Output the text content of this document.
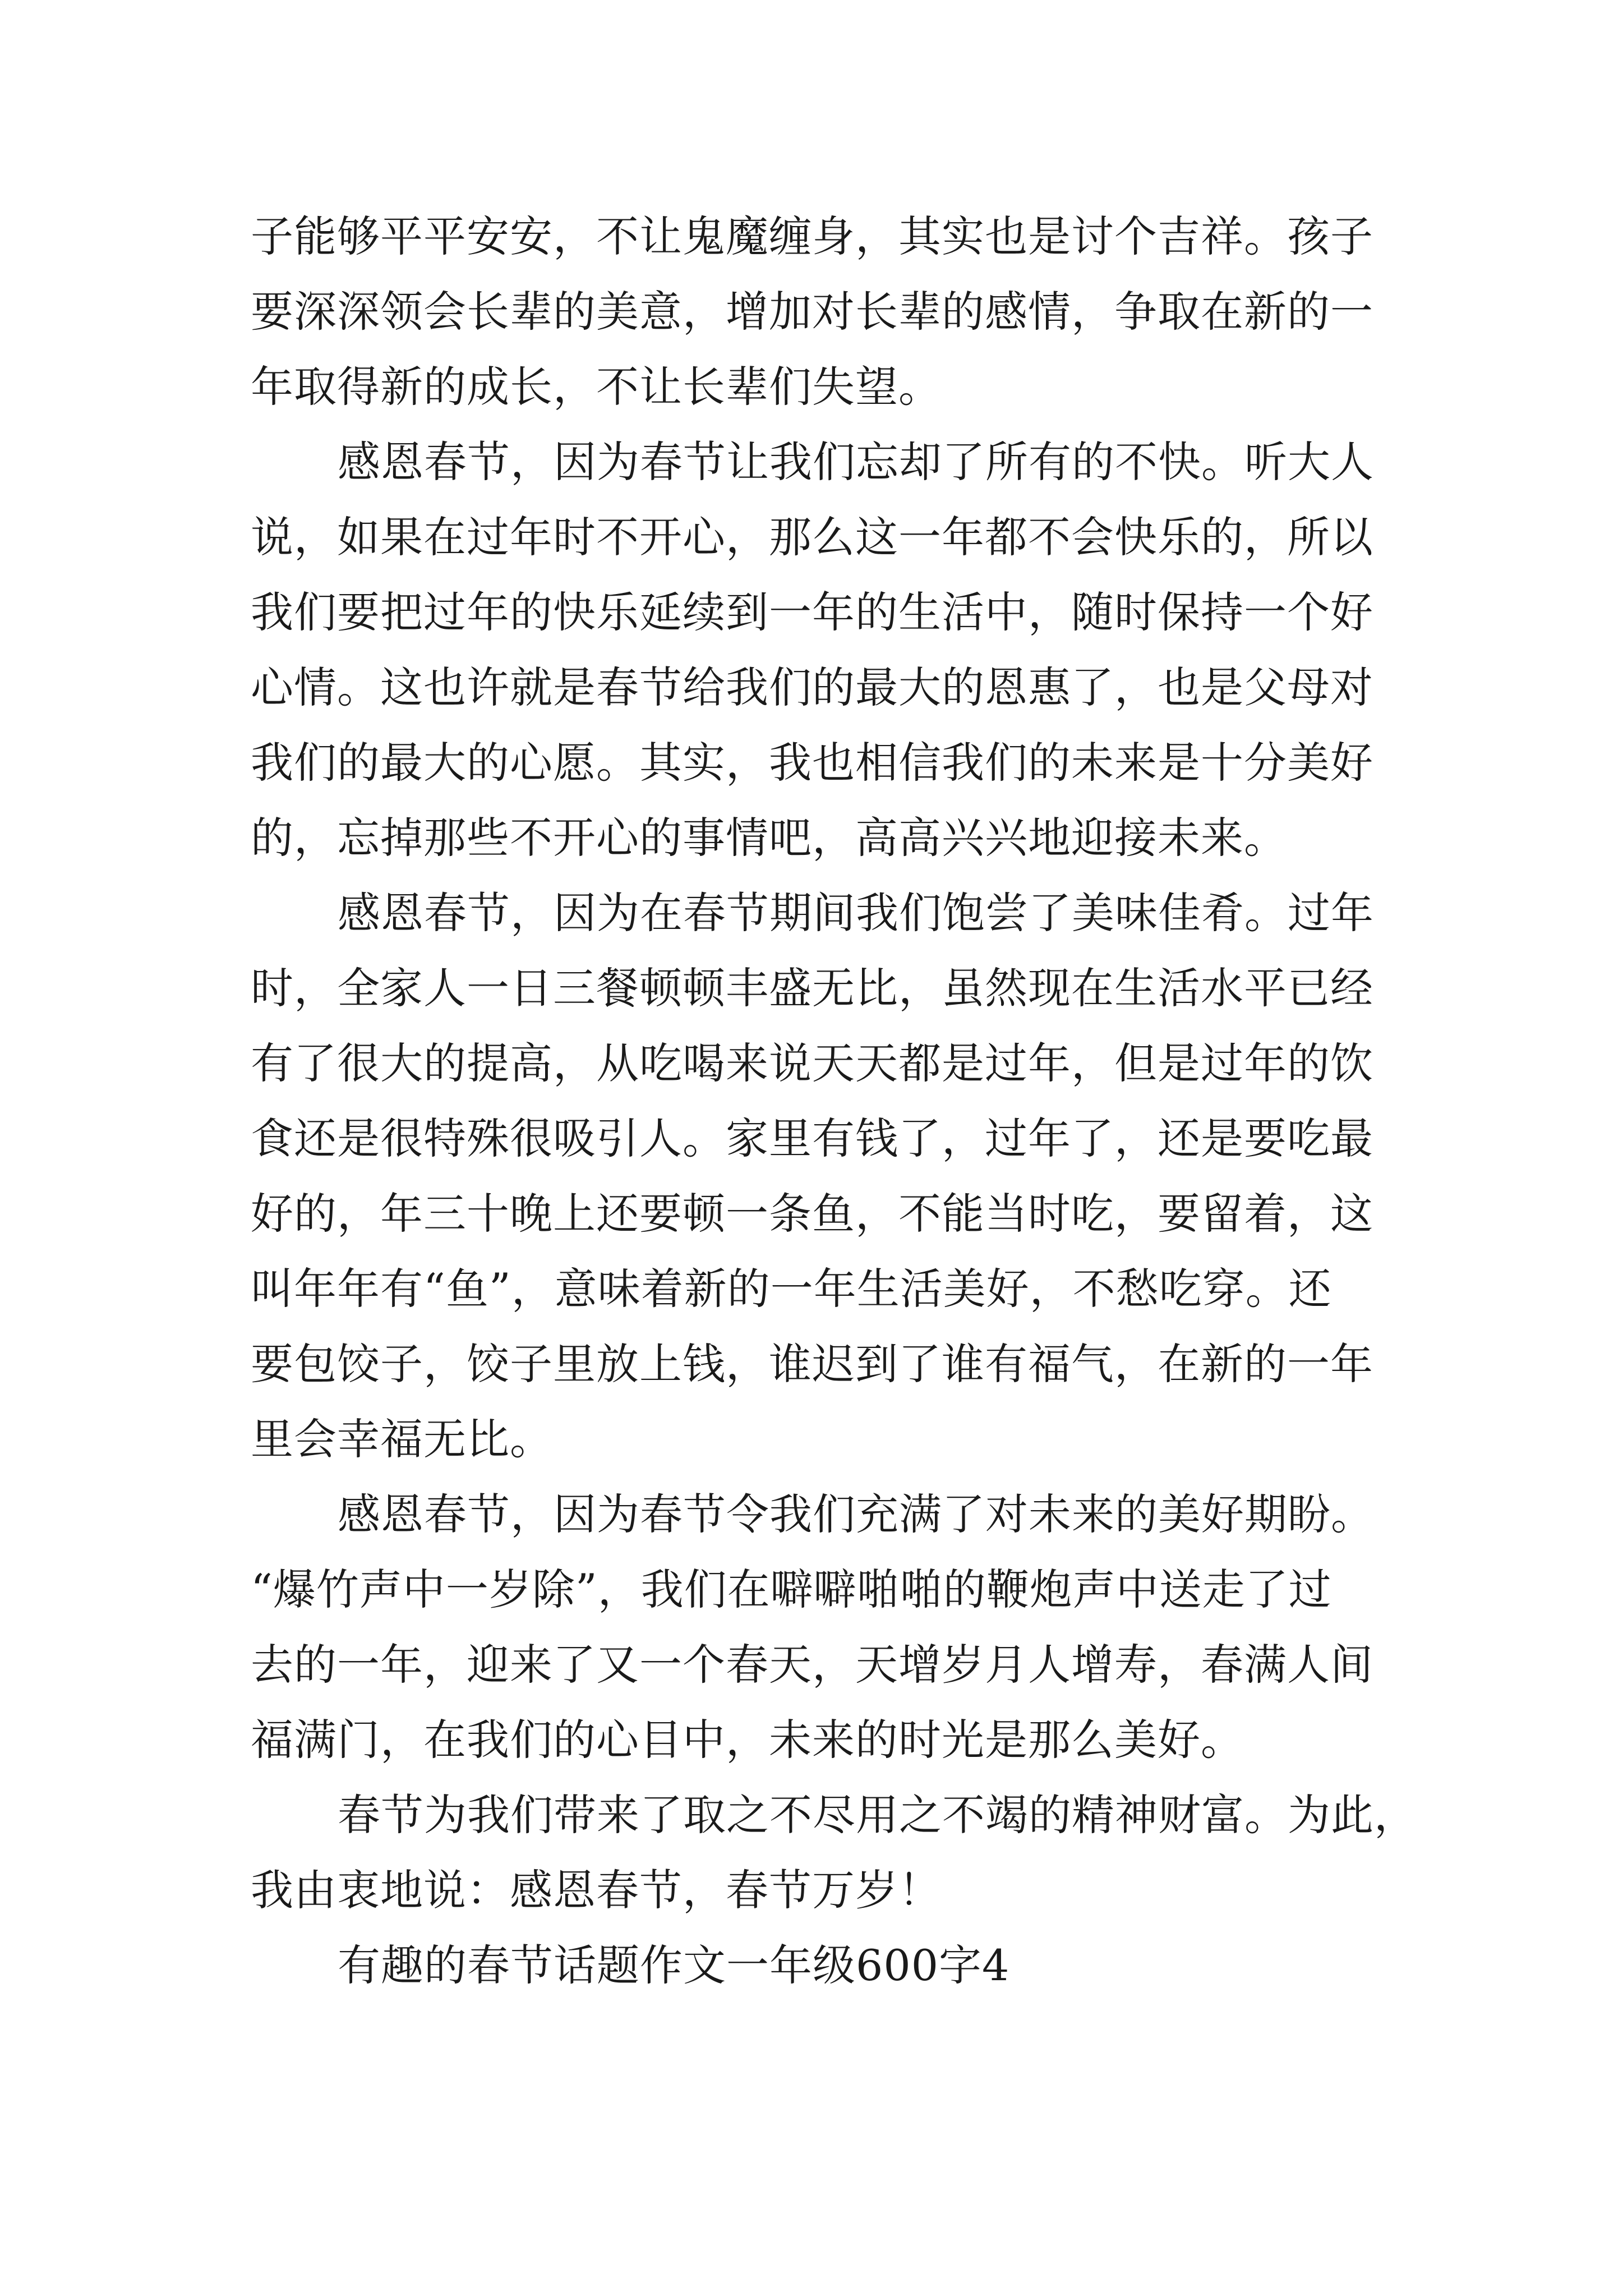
子能够平平安安，不让鬼魔缠身，其实也是讨个吉祥。孩子
要深深领会长辈的美意，增加对长辈的感情，争取在新的一
年取得新的成长，不让长辈们失望。
感恩春节，因为春节让我们忘却了所有的不快。听大人
说，如果在过年时不开心，那么这一年都不会快乐的，所以
我们要把过年的快乐延续到一年的生活中，随时保持一个好
心情。这也许就是春节给我们的最大的恩惠了，也是父母对
我们的最大的心愿。其实，我也相信我们的未来是十分美好
的，忘掉那些不开心的事情吧，高高兴兴地迎接未来。
感恩春节，因为在春节期间我们饱尝了美味佳肴。过年
时，全家人一日三餐顿顿丰盛无比，虽然现在生活水平已经
有了很大的提高，从吃喝来说天天都是过年，但是过年的饮
食还是很特殊很吸引人。家里有钱了，过年了，还是要吃最
好的，年三十晚上还要顿一条鱼，不能当时吃，要留着，这
叫年年有“鱼”，意味着新的一年生活美好，不愁吃穿。还
要包饺子，饺子里放上钱，谁迟到了谁有福气，在新的一年
里会幸福无比。
感恩春节，因为春节令我们充满了对未来的美好期盼。
“爆竹声中一岁除”，我们在噼噼啪啪的鞭炮声中送走了过
去的一年，迎来了又一个春天，天增岁月人增寿，春满人间
福满门，在我们的心目中，未来的时光是那么美好。
春节为我们带来了取之不尽用之不竭的精神财富。为此，
我由衷地说：感恩春节，春节万岁！
有趣的春节话题作文一年级600字4
